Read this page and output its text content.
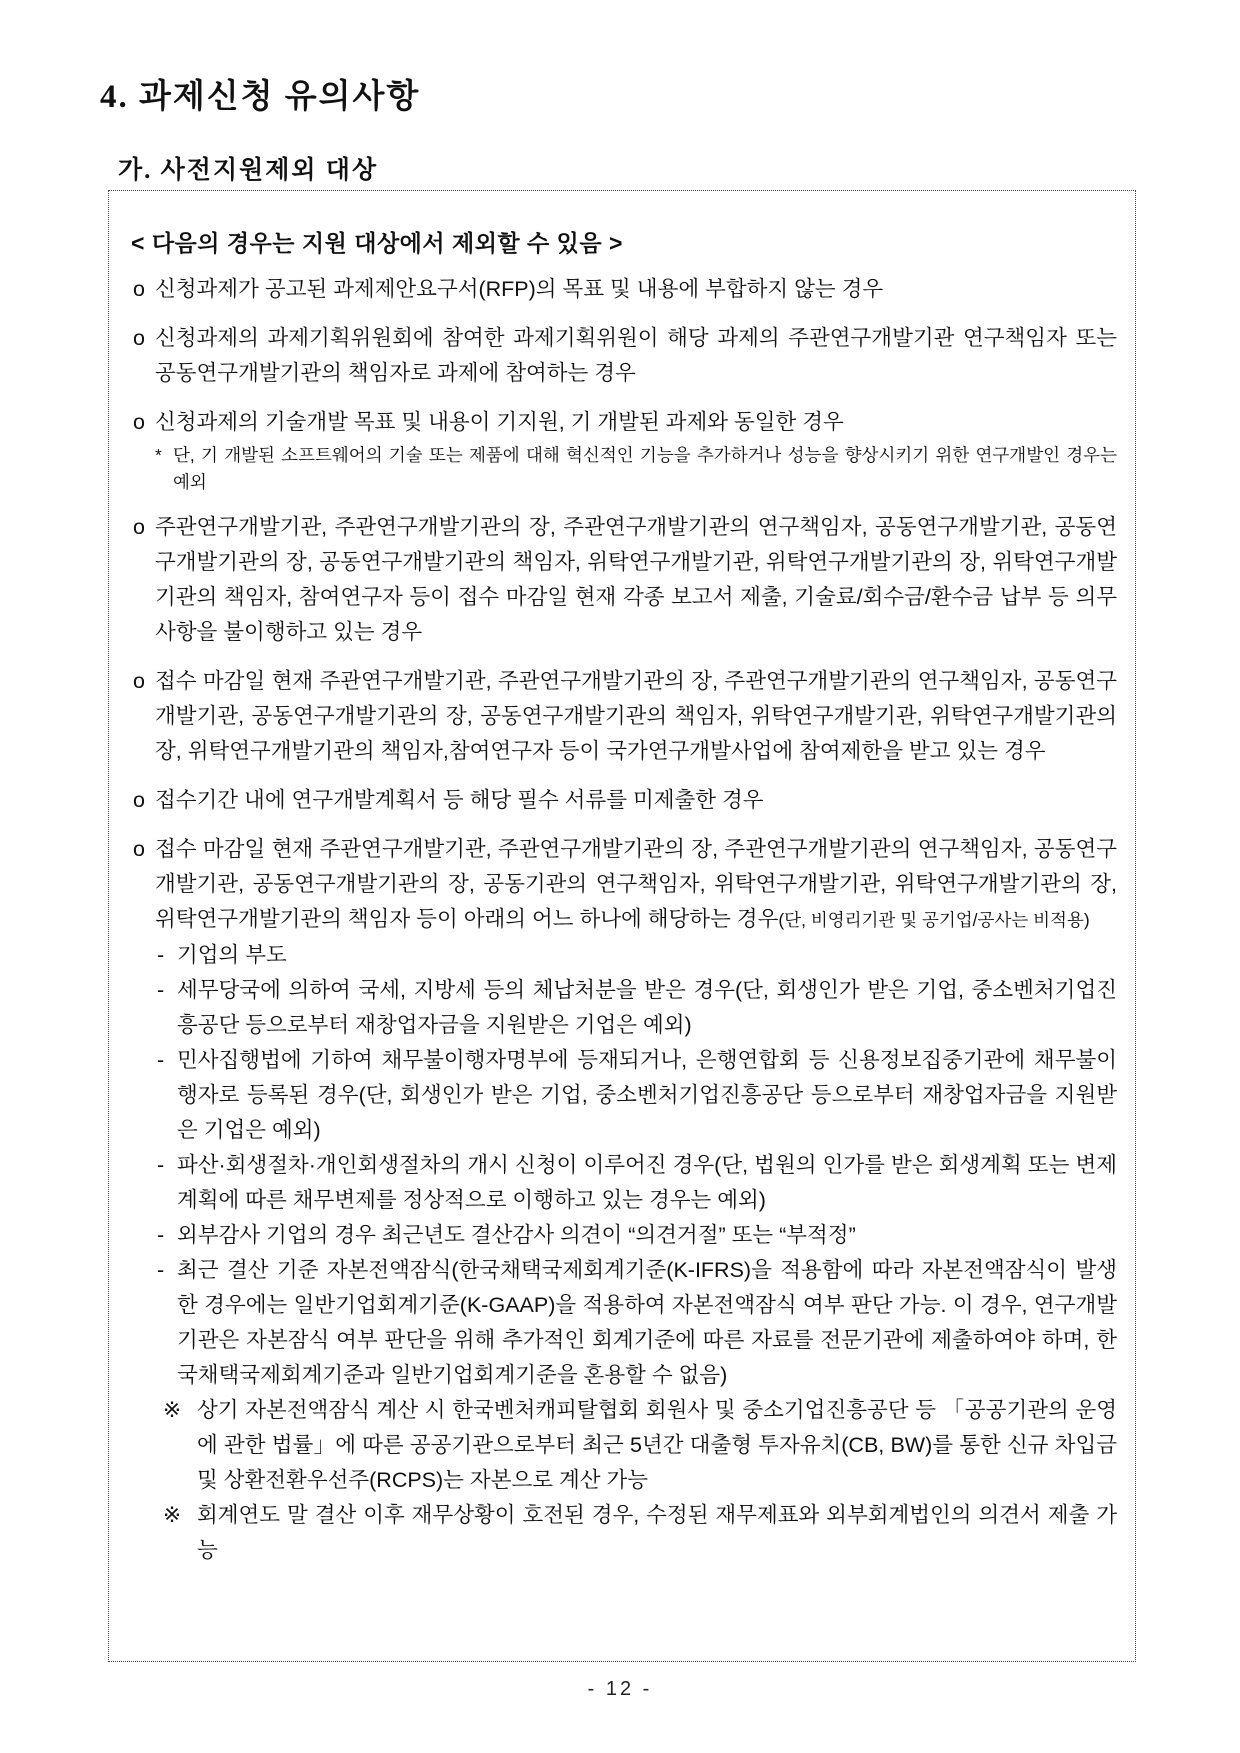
4. 과제신청 유의사항
가. 사전지원제외 대상
< 다음의 경우는 지원 대상에서 제외할 수 있음 >
o 신청과제가 공고된 과제제안요구서(RFP)의 목표 및 내용에 부합하지 않는 경우
o 신청과제의 과제기획위원회에 참여한 과제기획위원이 해당 과제의 주관연구개발기관 연구책임자 또는 공동연구개발기관의 책임자로 과제에 참여하는 경우
o 신청과제의 기술개발 목표 및 내용이 기지원, 기 개발된 과제와 동일한 경우
* 단, 기 개발된 소프트웨어의 기술 또는 제품에 대해 혁신적인 기능을 추가하거나 성능을 향상시키기 위한 연구개발인 경우는 예외
o 주관연구개발기관, 주관연구개발기관의 장, 주관연구개발기관의 연구책임자, 공동연구개발기관, 공동연구개발기관의 장, 공동연구개발기관의 책임자, 위탁연구개발기관, 위탁연구개발기관의 장, 위탁연구개발기관의 책임자, 참여연구자 등이 접수 마감일 현재 각종 보고서 제출, 기술료/회수금/환수금 납부 등 의무사항을 불이행하고 있는 경우
o 접수 마감일 현재 주관연구개발기관, 주관연구개발기관의 장, 주관연구개발기관의 연구책임자, 공동연구개발기관, 공동연구개발기관의 장, 공동연구개발기관의 책임자, 위탁연구개발기관, 위탁연구개발기관의 장, 위탁연구개발기관의 책임자,참여연구자 등이 국가연구개발사업에 참여제한을 받고 있는 경우
o 접수기간 내에 연구개발계획서 등 해당 필수 서류를 미제출한 경우
o 접수 마감일 현재 주관연구개발기관, 주관연구개발기관의 장, 주관연구개발기관의 연구책임자, 공동연구개발기관, 공동연구개발기관의 장, 공동기관의 연구책임자, 위탁연구개발기관, 위탁연구개발기관의 장, 위탁연구개발기관의 책임자 등이 아래의 어느 하나에 해당하는 경우(단, 비영리기관 및 공기업/공사는 비적용)
- 기업의 부도
- 세무당국에 의하여 국세, 지방세 등의 체납처분을 받은 경우(단, 회생인가 받은 기업, 중소벤처기업진흥공단 등으로부터 재창업자금을 지원받은 기업은 예외)
- 민사집행법에 기하여 채무불이행자명부에 등재되거나, 은행연합회 등 신용정보집중기관에 채무불이행자로 등록된 경우(단, 회생인가 받은 기업, 중소벤처기업진흥공단 등으로부터 재창업자금을 지원받은 기업은 예외)
- 파산·회생절차·개인회생절차의 개시 신청이 이루어진 경우(단, 법원의 인가를 받은 회생계획 또는 변제계획에 따른 채무변제를 정상적으로 이행하고 있는 경우는 예외)
- 외부감사 기업의 경우 최근년도 결산감사 의견이 “의견거절” 또는 “부적정”
- 최근 결산 기준 자본전액잠식(한국채택국제회계기준(K-IFRS)을 적용함에 따라 자본전액잠식이 발생한 경우에는 일반기업회계기준(K-GAAP)을 적용하여 자본전액잠식 여부 판단 가능. 이 경우, 연구개발기관은 자본잠식 여부 판단을 위해 추가적인 회계기준에 따른 자료를 전문기관에 제출하여야 하며, 한국채택국제회계기준과 일반기업회계기준을 혼용할 수 없음)
※ 상기 자본전액잠식 계산 시 한국벤처캐피탈협회 회원사 및 중소기업진흥공단 등 「공공기관의 운영에 관한 법률」에 따른 공공기관으로부터 최근 5년간 대출형 투자유치(CB, BW)를 통한 신규 차입금 및 상환전환우선주(RCPS)는 자본으로 계산 가능
※ 회계연도 말 결산 이후 재무상황이 호전된 경우, 수정된 재무제표와 외부회계법인의 의견서 제출 가능
- 12 -
